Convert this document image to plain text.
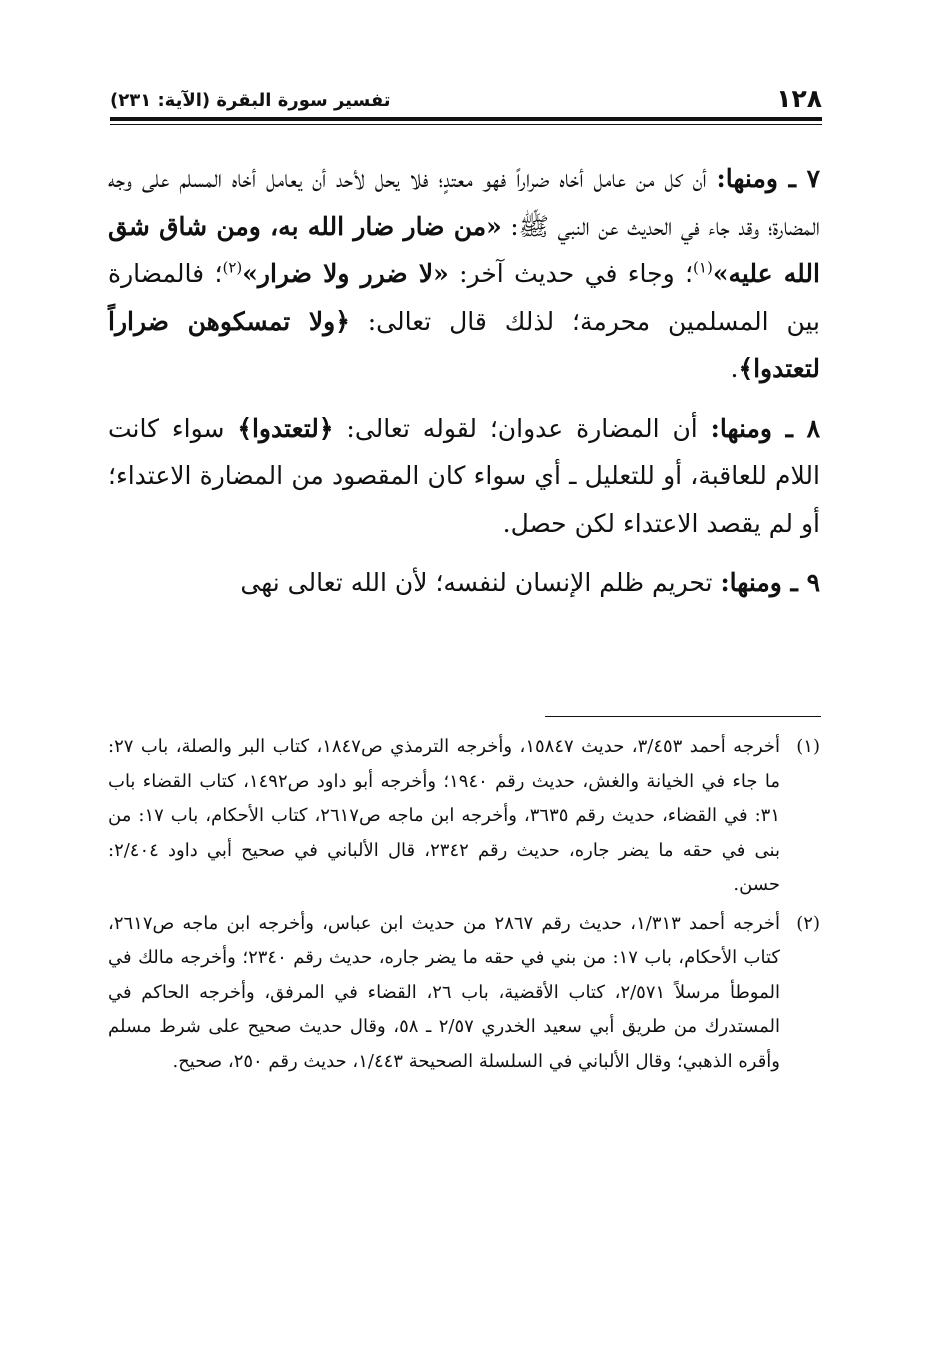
١٢٨
تفسير سورة البقرة (الآية: ٢٣١)

٧ ـ ومنها: أن كل من عامل أخاه ضراراً فهو معتدٍ؛ فلا يحل لأحد أن يعامل أخاه المسلم على وجه المضارة؛ وقد جاء في الحديث عن النبي ﷺ: «من ضار ضار الله به، ومن شاق شق الله عليه»$^{(١)}$؛ وجاء في حديث آخر: «لا ضرر ولا ضرار»$^{(٢)}$؛ فالمضارة بين المسلمين محرمة؛ لذلك قال تعالى: ﴿ولا تمسكوهن ضراراً لتعتدوا﴾.

٨ ـ ومنها: أن المضارة عدوان؛ لقوله تعالى: ﴿لتعتدوا﴾ سواء كانت اللام للعاقبة، أو للتعليل ـ أي سواء كان المقصود من المضارة الاعتداء؛ أو لم يقصد الاعتداء لكن حصل.

٩ ـ ومنها: تحريم ظلم الإنسان لنفسه؛ لأن الله تعالى نهى

(١)
أخرجه أحمد ٣/٤٥٣، حديث ١٥٨٤٧، وأخرجه الترمذي ص١٨٤٧، كتاب البر والصلة، باب ٢٧: ما جاء في الخيانة والغش، حديث رقم ١٩٤٠؛ وأخرجه أبو داود ص١٤٩٢، كتاب القضاء باب ٣١: في القضاء، حديث رقم ٣٦٣٥، وأخرجه ابن ماجه ص٢٦١٧، كتاب الأحكام، باب ١٧: من بنى في حقه ما يضر جاره، حديث رقم ٢٣٤٢، قال الألباني في صحيح أبي داود ٢/٤٠٤: حسن.
(٢)
أخرجه أحمد ١/٣١٣، حديث رقم ٢٨٦٧ من حديث ابن عباس، وأخرجه ابن ماجه ص٢٦١٧، كتاب الأحكام، باب ١٧: من بني في حقه ما يضر جاره، حديث رقم ٢٣٤٠؛ وأخرجه مالك في الموطأ مرسلاً ٢/٥٧١، كتاب الأقضية، باب ٢٦، القضاء في المرفق، وأخرجه الحاكم في المستدرك من طريق أبي سعيد الخدري ٢/٥٧ ـ ٥٨، وقال حديث صحيح على شرط مسلم وأقره الذهبي؛ وقال الألباني في السلسلة الصحيحة ١/٤٤٣، حديث رقم ٢٥٠، صحيح.
